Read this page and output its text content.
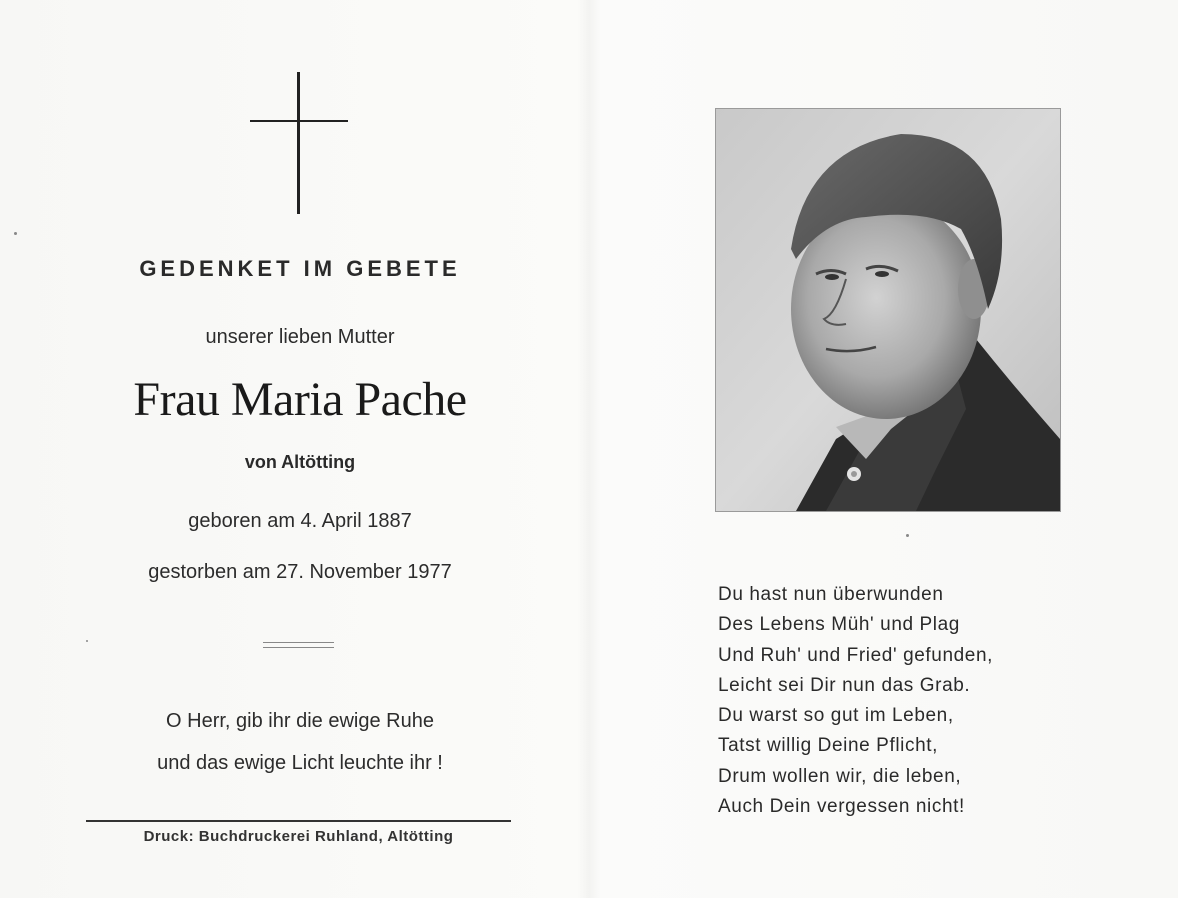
GEDENKET IM GEBETE
unserer lieben Mutter
Frau Maria Pache
von Altötting
geboren am 4. April 1887
gestorben am 27. November 1977
O Herr, gib ihr die ewige Ruhe
und das ewige Licht leuchte ihr !
Druck: Buchdruckerei Ruhland, Altötting
Du hast nun überwunden
Des Lebens Müh' und Plag
Und Ruh' und Fried' gefunden,
Leicht sei Dir nun das Grab.
Du warst so gut im Leben,
Tatst willig Deine Pflicht,
Drum wollen wir, die leben,
Auch Dein vergessen nicht!
